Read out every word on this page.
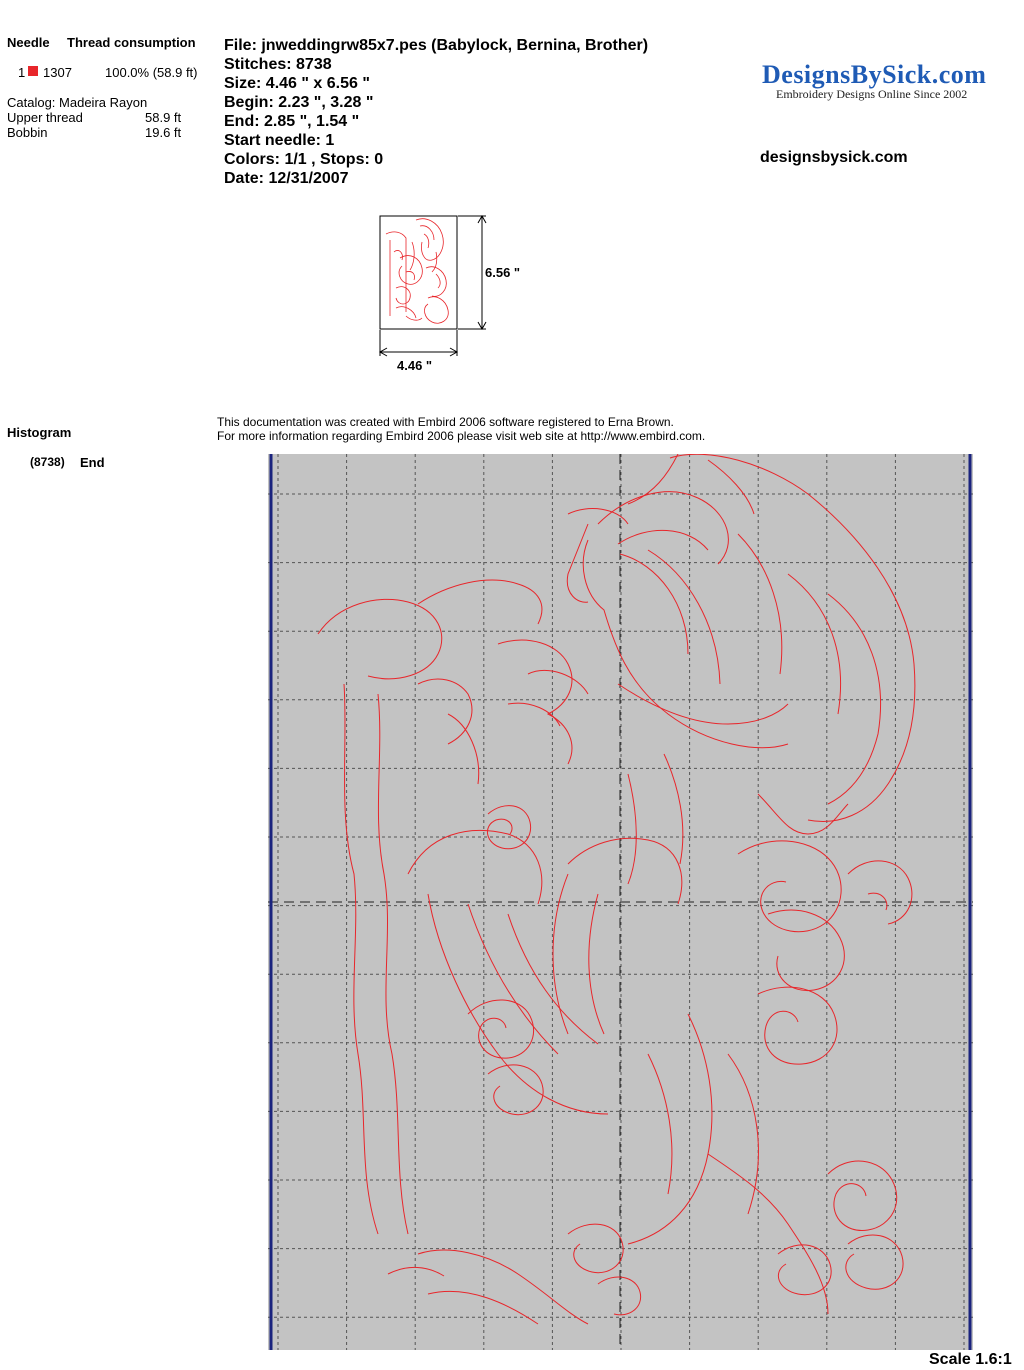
Needle Thread consumption
1 1307	100.0% (58.9 ft)
Catalog: Madeira Rayon
Upper thread	58.9 ft
Bobbin	19.6 ft
File: jnweddingrw85x7.pes (Babylock, Bernina, Brother)
Stitches: 8738
Size: 4.46 " x 6.56 "
Begin: 2.23 ", 3.28 "
End: 2.85 ", 1.54 "
Start needle: 1
Colors: 1/1 , Stops: 0
Date: 12/31/2007
DesignsBySick.com
Embroidery Designs Online Since 2002
designsbysick.com
6.56 "
4.46 "
This documentation was created with Embird 2006 software registered to Erna Brown.
For more information regarding Embird 2006 please visit web site at http://www.embird.com.
Histogram
(8738) End
Scale 1.6:1
